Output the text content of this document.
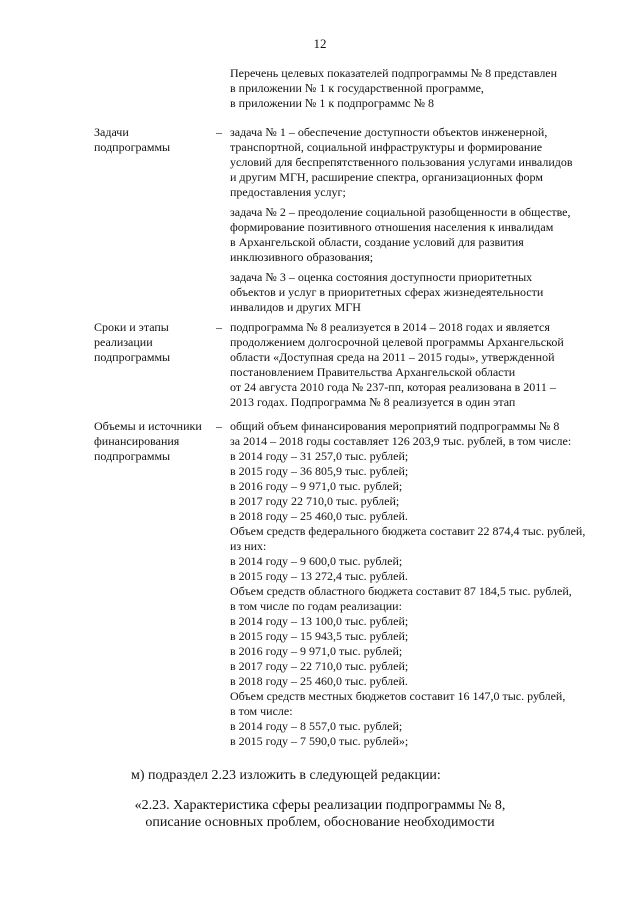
12
Перечень целевых показателей подпрограммы № 8 представлен
в приложении № 1 к государственной программе,
в приложении № 1 к подпрограммс № 8
Задачи
подпрограммы
– задача № 1 – обеспечение доступности объектов инженерной,
транспортной, социальной инфраструктуры и формирование
условий для беспрепятственного пользования услугами инвалидов
и другим МГН, расширение спектра, организационных форм
предоставления услуг;
задача № 2 – преодоление социальной разобщенности в обществе,
формирование позитивного отношения населения к инвалидам
в Архангельской области, создание условий для развития
инклюзивного образования;
задача № 3 – оценка состояния доступности приоритетных
объектов и услуг в приоритетных сферах жизнедеятельности
инвалидов и других МГН
Сроки и этапы
реализации
подпрограммы
– подпрограмма № 8 реализуется в 2014 – 2018 годах и является
продолжением долгосрочной целевой программы Архангельской
области «Доступная среда на 2011 – 2015 годы», утвержденной
постановлением Правительства Архангельской области
от 24 августа 2010 года № 237-пп, которая реализована в 2011 –
2013 годах. Подпрограмма № 8 реализуется в один этап
Объемы и источники
финансирования
подпрограммы
– общий объем финансирования мероприятий подпрограммы № 8
за 2014 – 2018 годы составляет 126 203,9 тыс. рублей, в том числе:
в 2014 году – 31 257,0 тыс. рублей;
в 2015 году – 36 805,9 тыс. рублей;
в 2016 году – 9 971,0 тыс. рублей;
в 2017 году 22 710,0 тыс. рублей;
в 2018 году – 25 460,0 тыс. рублей.
Объем средств федерального бюджета составит 22 874,4 тыс. рублей,
из них:
в 2014 году – 9 600,0 тыс. рублей;
в 2015 году – 13 272,4 тыс. рублей.
Объем средств областного бюджета составит 87 184,5 тыс. рублей,
в том числе по годам реализации:
в 2014 году – 13 100,0 тыс. рублей;
в 2015 году – 15 943,5 тыс. рублей;
в 2016 году – 9 971,0 тыс. рублей;
в 2017 году – 22 710,0 тыс. рублей;
в 2018 году – 25 460,0 тыс. рублей.
Объем средств местных бюджетов составит 16 147,0 тыс. рублей,
в том числе:
в 2014 году – 8 557,0 тыс. рублей;
в 2015 году – 7 590,0 тыс. рублей»;
м) подраздел 2.23 изложить в следующей редакции:
«2.23. Характеристика сферы реализации подпрограммы № 8,
описание основных проблем, обоснование необходимости
